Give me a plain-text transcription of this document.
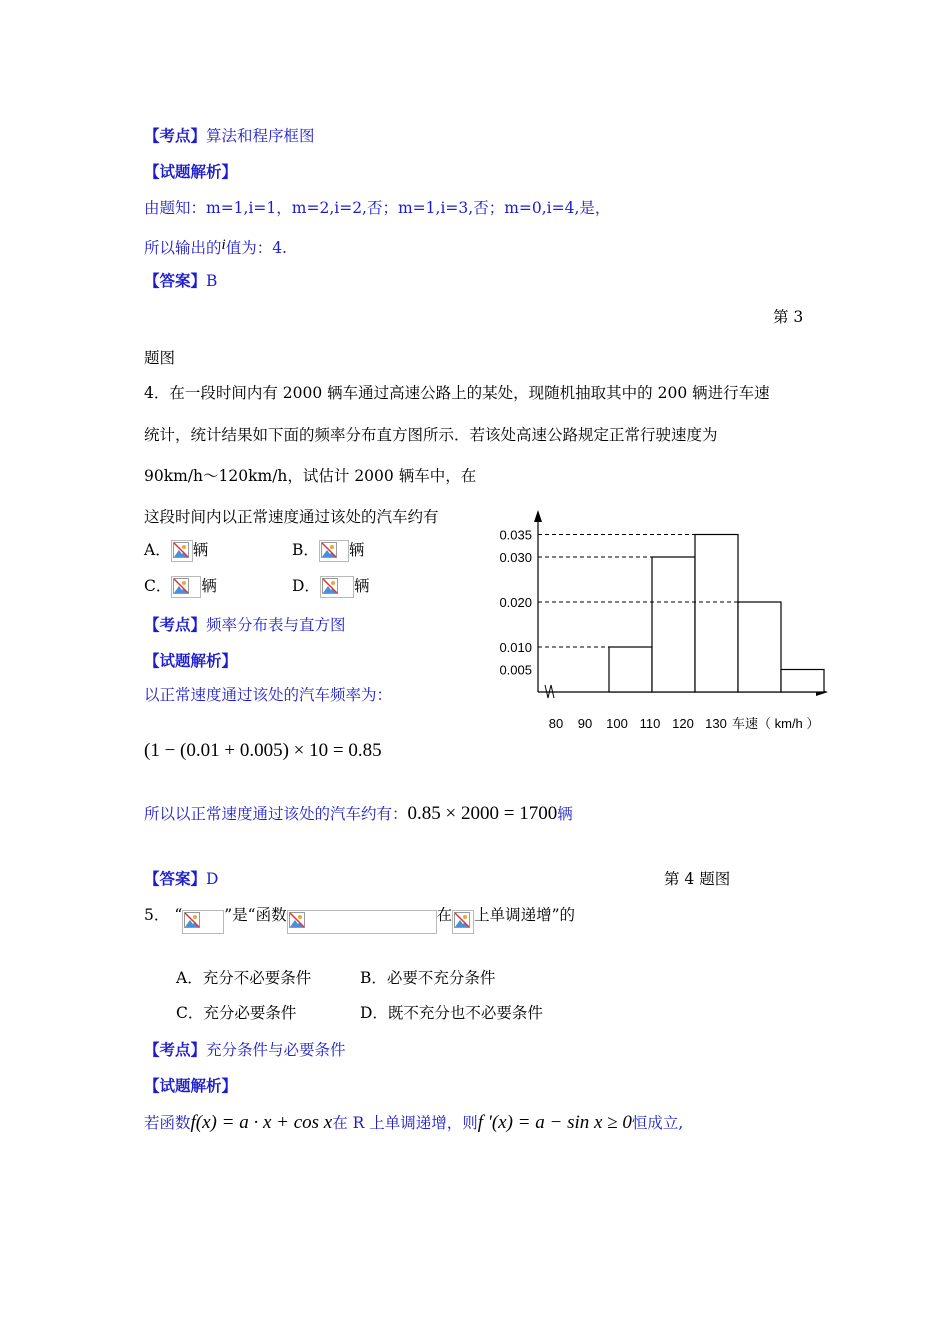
【考点】算法和程序框图
【试题解析】
由题知：m=1,i=1，m=2,i=2,否；m=1,i=3,否；m=0,i=4,是，
所以输出的i值为：4.
【答案】B
第 3
题图
4．在一段时间内有 2000 辆车通过高速公路上的某处，现随机抽取其中的 200 辆进行车速
统计，统计结果如下面的频率分布直方图所示．若该处高速公路规定正常行驶速度为
90km/h～120km/h，试估计 2000 辆车中，在
这段时间内以正常速度通过该处的汽车约有
A． 辆	B． 辆
C． 辆	D． 辆
【考点】频率分布表与直方图
【试题解析】
以正常速度通过该处的汽车频率为：
(1 − (0.01 + 0.005) × 10 = 0.85
所以以正常速度通过该处的汽车约有：0.85 × 2000 = 1700辆
【答案】D	第 4 题图
0.005
0.010
0.020
0.030
0.035
80 90 100 110 120 130 车速（ km/h ）
5． “	”是“函数	在 上单调递增”的
A．充分不必要条件	B．必要不充分条件
C．充分必要条件	D．既不充分也不必要条件
【考点】充分条件与必要条件
【试题解析】
若函数f(x) = a · x + cos x在 R 上单调递增，则f '(x) = a − sin x ≥ 0恒成立,
